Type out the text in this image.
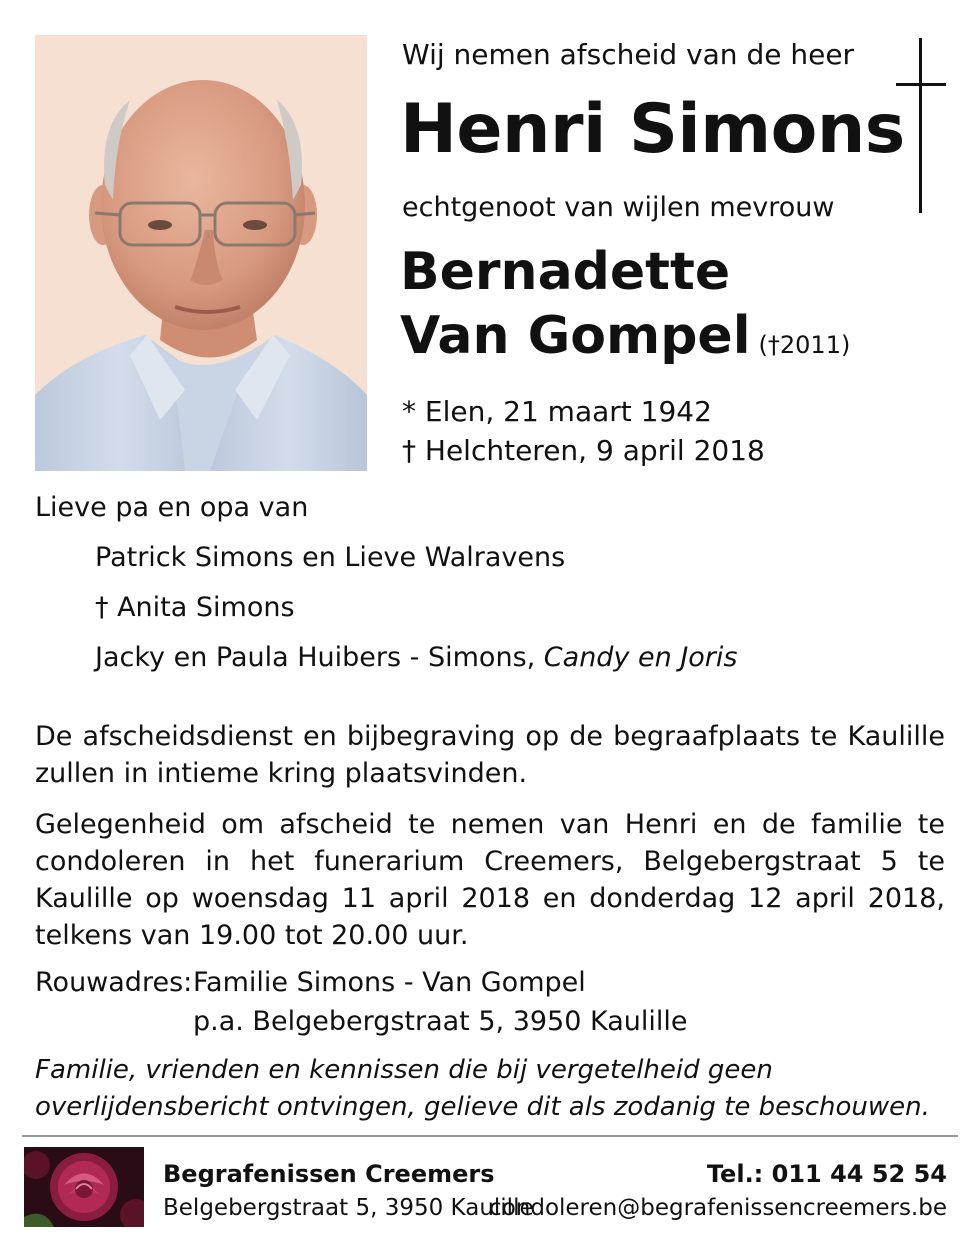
Wij nemen afscheid van de heer
Henri Simons
echtgenoot van wijlen mevrouw
Bernadette
Van Gompel (†2011)
* Elen, 21 maart 1942
† Helchteren, 9 april 2018
Lieve pa en opa van
Patrick Simons en Lieve Walravens
† Anita Simons
Jacky en Paula Huibers - Simons, Candy en Joris
De afscheidsdienst en bijbegraving op de begraafplaats te Kaulille zullen in intieme kring plaatsvinden.
Gelegenheid om afscheid te nemen van Henri en de familie te condoleren in het funerarium Creemers, Belgebergstraat 5 te Kaulille op woensdag 11 april 2018 en donderdag 12 april 2018, telkens van 19.00 tot 20.00 uur.
Rouwadres: Familie Simons - Van Gompel
p.a. Belgebergstraat 5, 3950 Kaulille
Familie, vrienden en kennissen die bij vergetelheid geen overlijdensbericht ontvingen, gelieve dit als zodanig te beschouwen.
Begrafenissen Creemers	Tel.: 011 44 52 54
Belgebergstraat 5, 3950 Kaulille
condoleren@begrafenissencreemers.be
